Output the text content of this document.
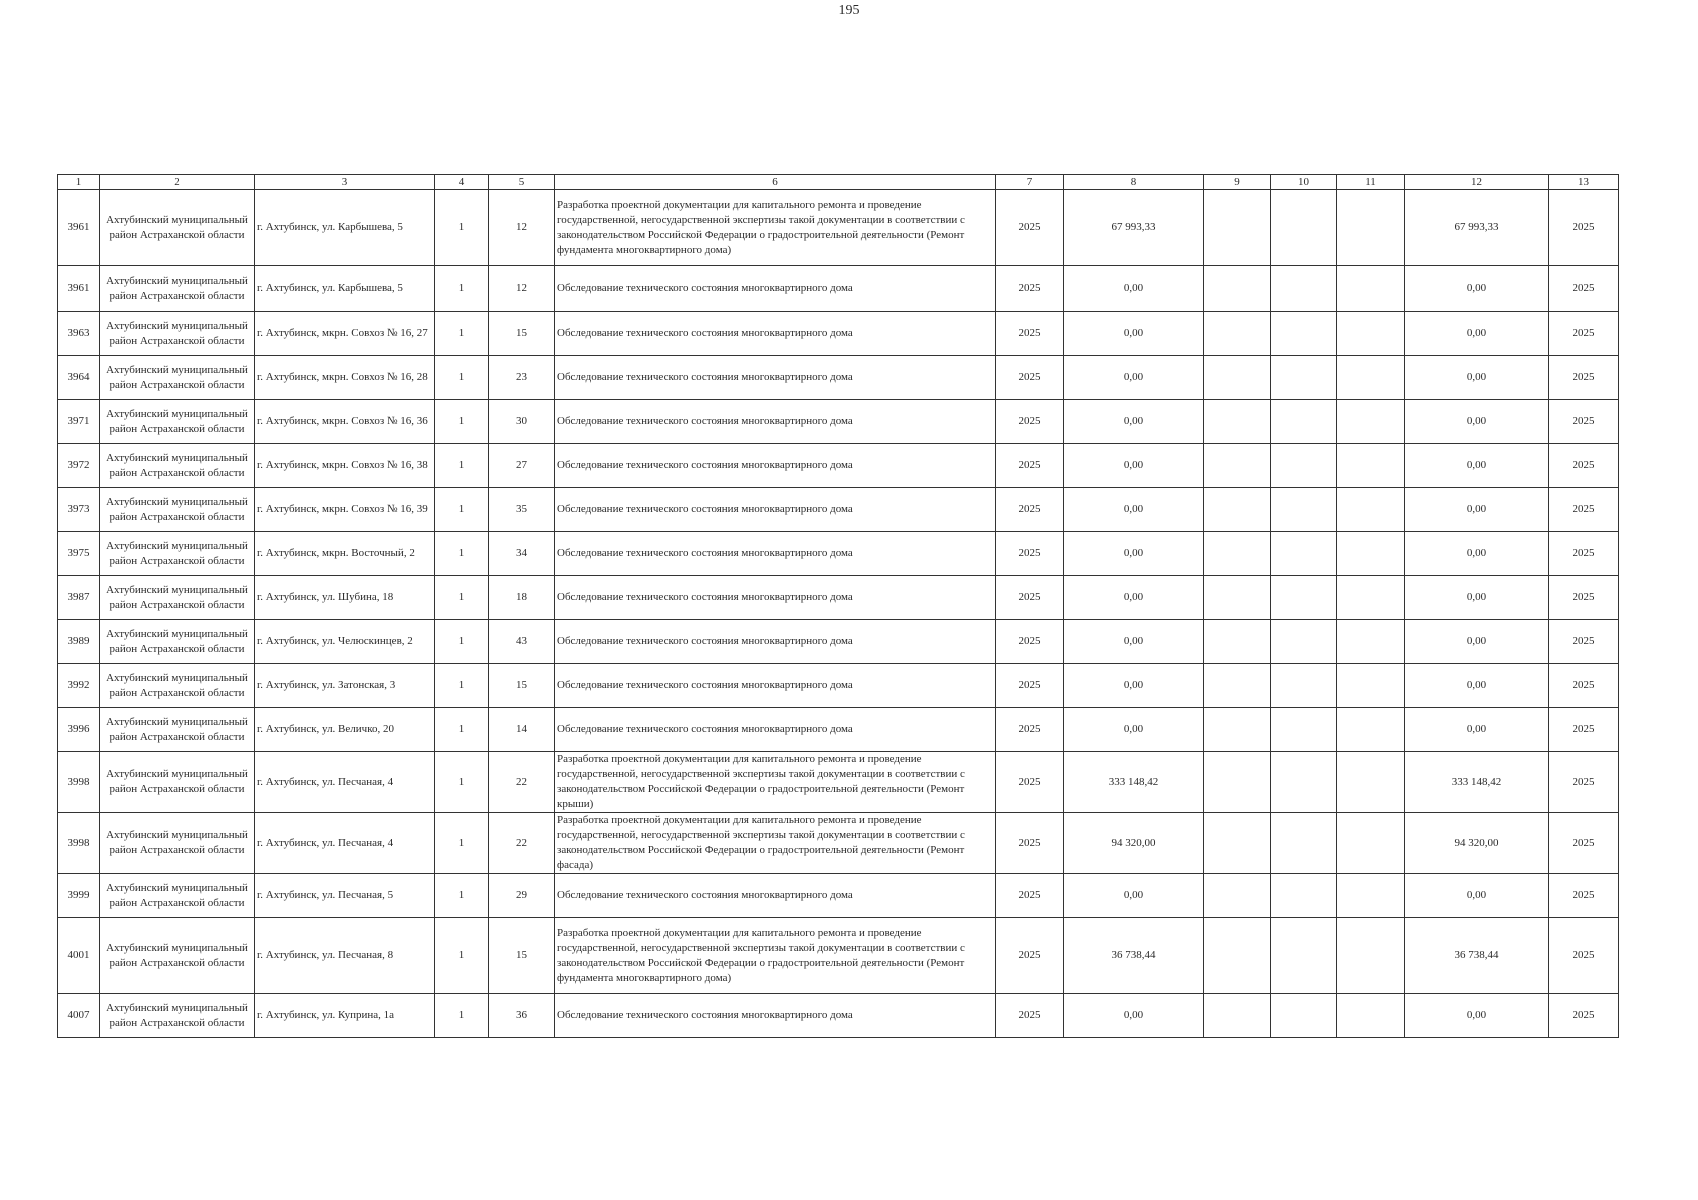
195
1	2	3	4	5	6	7	8	9	10	11	12	13
3961	Ахтубинский муниципальный район Астраханской области	г. Ахтубинск, ул. Карбышева, 5	1	12	Разработка проектной документации для капитального ремонта и проведение государственной, негосударственной экспертизы такой документации в соответствии с законодательством Российской Федерации о градостроительной деятельности (Ремонт фундамента многоквартирного дома)	2025	67 993,33				67 993,33	2025
3961	Ахтубинский муниципальный район Астраханской области	г. Ахтубинск, ул. Карбышева, 5	1	12	Обследование технического состояния многоквартирного дома	2025	0,00				0,00	2025
3963	Ахтубинский муниципальный район Астраханской области	г. Ахтубинск, мкрн. Совхоз № 16, 27	1	15	Обследование технического состояния многоквартирного дома	2025	0,00				0,00	2025
3964	Ахтубинский муниципальный район Астраханской области	г. Ахтубинск, мкрн. Совхоз № 16, 28	1	23	Обследование технического состояния многоквартирного дома	2025	0,00				0,00	2025
3971	Ахтубинский муниципальный район Астраханской области	г. Ахтубинск, мкрн. Совхоз № 16, 36	1	30	Обследование технического состояния многоквартирного дома	2025	0,00				0,00	2025
3972	Ахтубинский муниципальный район Астраханской области	г. Ахтубинск, мкрн. Совхоз № 16, 38	1	27	Обследование технического состояния многоквартирного дома	2025	0,00				0,00	2025
3973	Ахтубинский муниципальный район Астраханской области	г. Ахтубинск, мкрн. Совхоз № 16, 39	1	35	Обследование технического состояния многоквартирного дома	2025	0,00				0,00	2025
3975	Ахтубинский муниципальный район Астраханской области	г. Ахтубинск, мкрн. Восточный, 2	1	34	Обследование технического состояния многоквартирного дома	2025	0,00				0,00	2025
3987	Ахтубинский муниципальный район Астраханской области	г. Ахтубинск, ул. Шубина, 18	1	18	Обследование технического состояния многоквартирного дома	2025	0,00				0,00	2025
3989	Ахтубинский муниципальный район Астраханской области	г. Ахтубинск, ул. Челюскинцев, 2	1	43	Обследование технического состояния многоквартирного дома	2025	0,00				0,00	2025
3992	Ахтубинский муниципальный район Астраханской области	г. Ахтубинск, ул. Затонская, 3	1	15	Обследование технического состояния многоквартирного дома	2025	0,00				0,00	2025
3996	Ахтубинский муниципальный район Астраханской области	г. Ахтубинск, ул. Величко, 20	1	14	Обследование технического состояния многоквартирного дома	2025	0,00				0,00	2025
3998	Ахтубинский муниципальный район Астраханской области	г. Ахтубинск, ул. Песчаная, 4	1	22	Разработка проектной документации для капитального ремонта и проведение государственной, негосударственной экспертизы такой документации в соответствии с законодательством Российской Федерации о градостроительной деятельности (Ремонт крыши)	2025	333 148,42				333 148,42	2025
3998	Ахтубинский муниципальный район Астраханской области	г. Ахтубинск, ул. Песчаная, 4	1	22	Разработка проектной документации для капитального ремонта и проведение государственной, негосударственной экспертизы такой документации в соответствии с законодательством Российской Федерации о градостроительной деятельности (Ремонт фасада)	2025	94 320,00				94 320,00	2025
3999	Ахтубинский муниципальный район Астраханской области	г. Ахтубинск, ул. Песчаная, 5	1	29	Обследование технического состояния многоквартирного дома	2025	0,00				0,00	2025
4001	Ахтубинский муниципальный район Астраханской области	г. Ахтубинск, ул. Песчаная, 8	1	15	Разработка проектной документации для капитального ремонта и проведение государственной, негосударственной экспертизы такой документации в соответствии с законодательством Российской Федерации о градостроительной деятельности (Ремонт фундамента многоквартирного дома)	2025	36 738,44				36 738,44	2025
4007	Ахтубинский муниципальный район Астраханской области	г. Ахтубинск, ул. Куприна, 1а	1	36	Обследование технического состояния многоквартирного дома	2025	0,00				0,00	2025
